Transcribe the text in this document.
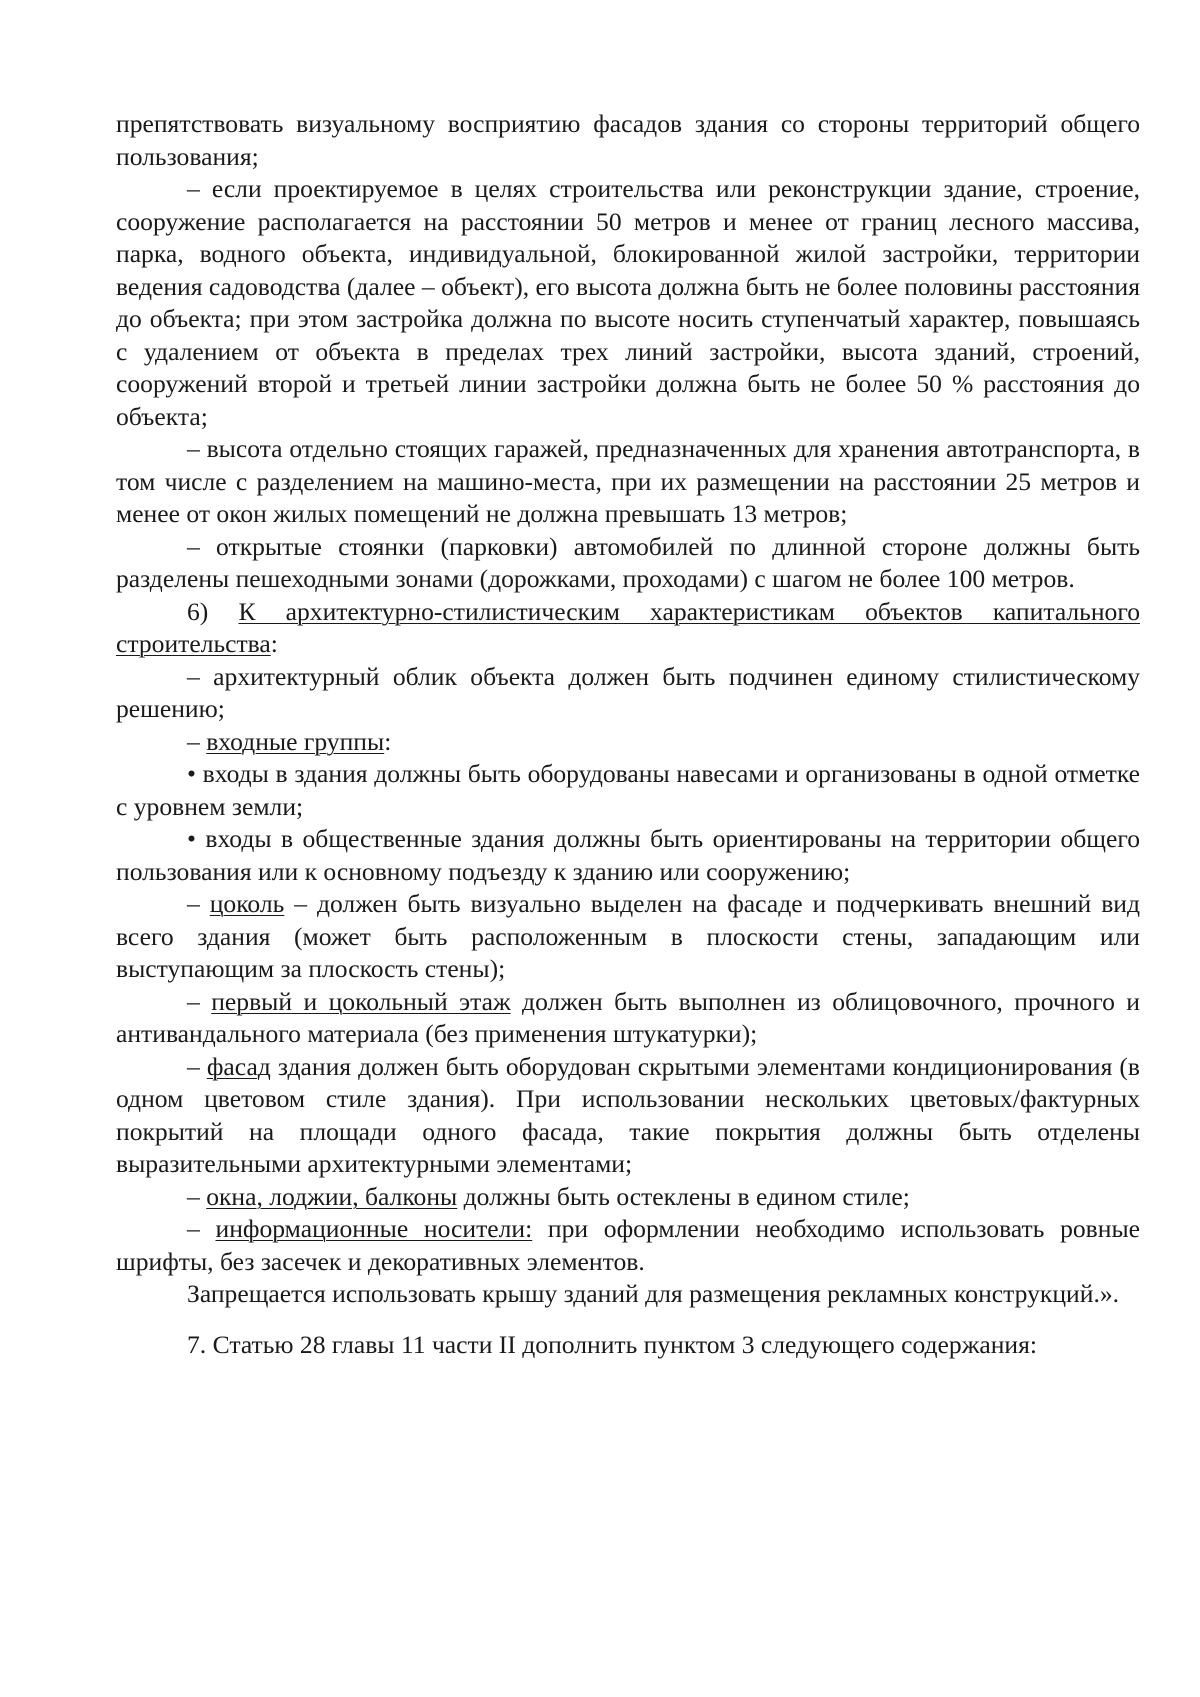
препятствовать визуальному восприятию фасадов здания со стороны территорий общего пользования;

– если проектируемое в целях строительства или реконструкции здание, строение, сооружение располагается на расстоянии 50 метров и менее от границ лесного массива, парка, водного объекта, индивидуальной, блокированной жилой застройки, территории ведения садоводства (далее – объект), его высота должна быть не более половины расстояния до объекта; при этом застройка должна по высоте носить ступенчатый характер, повышаясь с удалением от объекта в пределах трех линий застройки, высота зданий, строений, сооружений второй и третьей линии застройки должна быть не более 50 % расстояния до объекта;

– высота отдельно стоящих гаражей, предназначенных для хранения автотранспорта, в том числе с разделением на машино-места, при их размещении на расстоянии 25 метров и менее от окон жилых помещений не должна превышать 13 метров;

– открытые стоянки (парковки) автомобилей по длинной стороне должны быть разделены пешеходными зонами (дорожками, проходами) с шагом не более 100 метров.

6) К архитектурно-стилистическим характеристикам объектов капитального строительства:

– архитектурный облик объекта должен быть подчинен единому стилистическому решению;

– входные группы:

• входы в здания должны быть оборудованы навесами и организованы в одной отметке с уровнем земли;

• входы в общественные здания должны быть ориентированы на территории общего пользования или к основному подъезду к зданию или сооружению;

– цоколь – должен быть визуально выделен на фасаде и подчеркивать внешний вид всего здания (может быть расположенным в плоскости стены, западающим или выступающим за плоскость стены);

– первый и цокольный этаж должен быть выполнен из облицовочного, прочного и антивандального материала (без применения штукатурки);

– фасад здания должен быть оборудован скрытыми элементами кондиционирования (в одном цветовом стиле здания). При использовании нескольких цветовых/фактурных покрытий на площади одного фасада, такие покрытия должны быть отделены выразительными архитектурными элементами;

– окна, лоджии, балконы должны быть остеклены в едином стиле;

– информационные носители: при оформлении необходимо использовать ровные шрифты, без засечек и декоративных элементов.

Запрещается использовать крышу зданий для размещения рекламных конструкций.».

7. Статью 28 главы 11 части II дополнить пунктом 3 следующего содержания:
